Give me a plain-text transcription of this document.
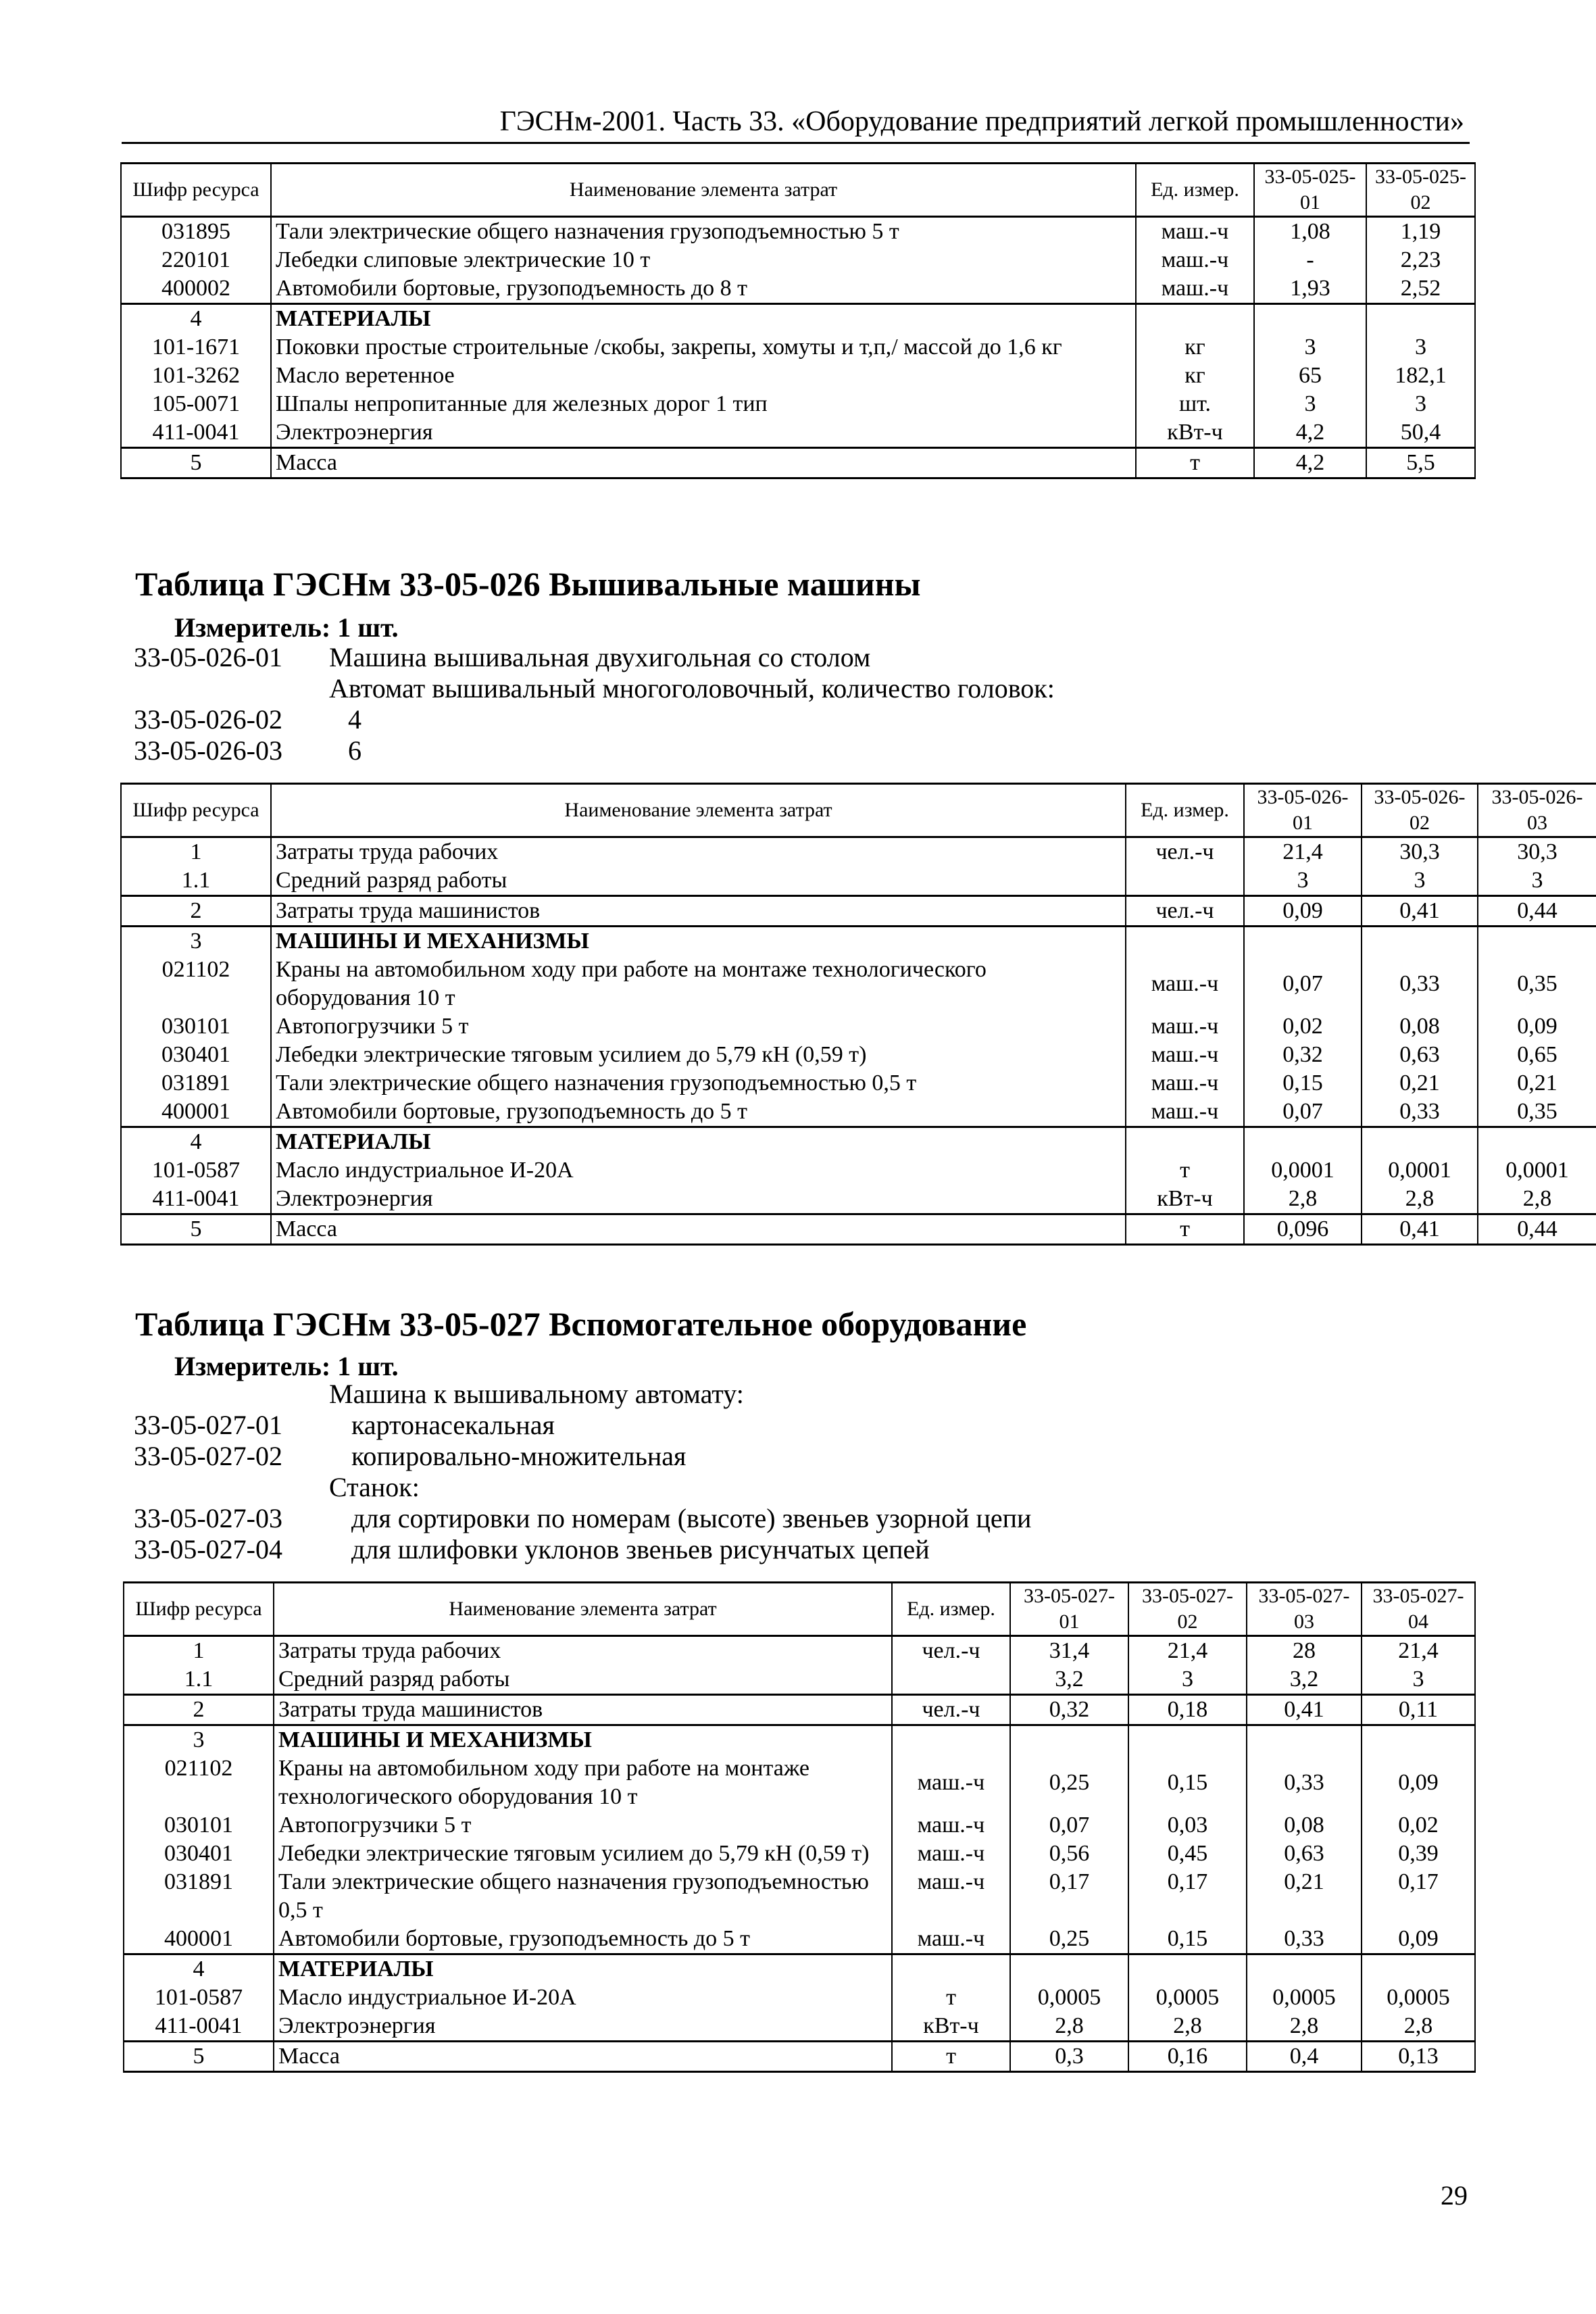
ГЭСНм-2001. Часть 33. «Оборудование предприятий легкой промышленности»
Шифр ресурса	Наименование элемента затрат	Ед. измер.	33-05-025-01	33-05-025-02
031895	Тали электрические общего назначения грузоподъемностью 5 т	маш.-ч	1,08	1,19
220101	Лебедки слиповые электрические 10 т	маш.-ч	-	2,23
400002	Автомобили бортовые, грузоподъемность до 8 т	маш.-ч	1,93	2,52
4	МАТЕРИАЛЫ			
101-1671	Поковки простые строительные /скобы, закрепы, хомуты и т,п,/ массой до 1,6 кг	кг	3	3
101-3262	Масло веретенное	кг	65	182,1
105-0071	Шпалы непропитанные для железных дорог 1 тип	шт.	3	3
411-0041	Электроэнергия	кВт-ч	4,2	50,4
5	Масса	т	4,2	5,5
Таблица ГЭСНм 33-05-026 Вышивальные машины
Измеритель: 1 шт.
33-05-026-01 Машина вышивальная двухигольная со столом
Автомат вышивальный многоголовочный, количество головок:
33-05-026-02 4
33-05-026-03 6
Шифр ресурса	Наименование элемента затрат	Ед. измер.	33-05-026-01	33-05-026-02	33-05-026-03
1	Затраты труда рабочих	чел.-ч	21,4	30,3	30,3
1.1	Средний разряд работы		3	3	3
2	Затраты труда машинистов	чел.-ч	0,09	0,41	0,44
3	МАШИНЫ И МЕХАНИЗМЫ				
021102	Краны на автомобильном ходу при работе на монтаже технологического оборудования 10 т	маш.-ч	0,07	0,33	0,35
030101	Автопогрузчики 5 т	маш.-ч	0,02	0,08	0,09
030401	Лебедки электрические тяговым усилием до 5,79 кН (0,59 т)	маш.-ч	0,32	0,63	0,65
031891	Тали электрические общего назначения грузоподъемностью 0,5 т	маш.-ч	0,15	0,21	0,21
400001	Автомобили бортовые, грузоподъемность до 5 т	маш.-ч	0,07	0,33	0,35
4	МАТЕРИАЛЫ				
101-0587	Масло индустриальное И-20А	т	0,0001	0,0001	0,0001
411-0041	Электроэнергия	кВт-ч	2,8	2,8	2,8
5	Масса	т	0,096	0,41	0,44
Таблица ГЭСНм 33-05-027 Вспомогательное оборудование
Измеритель: 1 шт.
Машина к вышивальному автомату:
33-05-027-01	картонасекальная
33-05-027-02	копировально-множительная
Станок:
33-05-027-03	для сортировки по номерам (высоте) звеньев узорной цепи
33-05-027-04	для шлифовки уклонов звеньев рисунчатых цепей
Шифр ресурса	Наименование элемента затрат	Ед. измер.	33-05-027-01	33-05-027-02	33-05-027-03	33-05-027-04
1	Затраты труда рабочих	чел.-ч	31,4	21,4	28	21,4
1.1	Средний разряд работы		3,2	3	3,2	3
2	Затраты труда машинистов	чел.-ч	0,32	0,18	0,41	0,11
3	МАШИНЫ И МЕХАНИЗМЫ					
021102	Краны на автомобильном ходу при работе на монтаже технологического оборудования 10 т	маш.-ч	0,25	0,15	0,33	0,09
030101	Автопогрузчики 5 т	маш.-ч	0,07	0,03	0,08	0,02
030401	Лебедки электрические тяговым усилием до 5,79 кН (0,59 т)	маш.-ч	0,56	0,45	0,63	0,39
031891	Тали электрические общего назначения грузоподъемностью 0,5 т	маш.-ч	0,17	0,17	0,21	0,17
400001	Автомобили бортовые, грузоподъемность до 5 т	маш.-ч	0,25	0,15	0,33	0,09
4	МАТЕРИАЛЫ					
101-0587	Масло индустриальное И-20А	т	0,0005	0,0005	0,0005	0,0005
411-0041	Электроэнергия	кВт-ч	2,8	2,8	2,8	2,8
5	Масса	т	0,3	0,16	0,4	0,13
29
